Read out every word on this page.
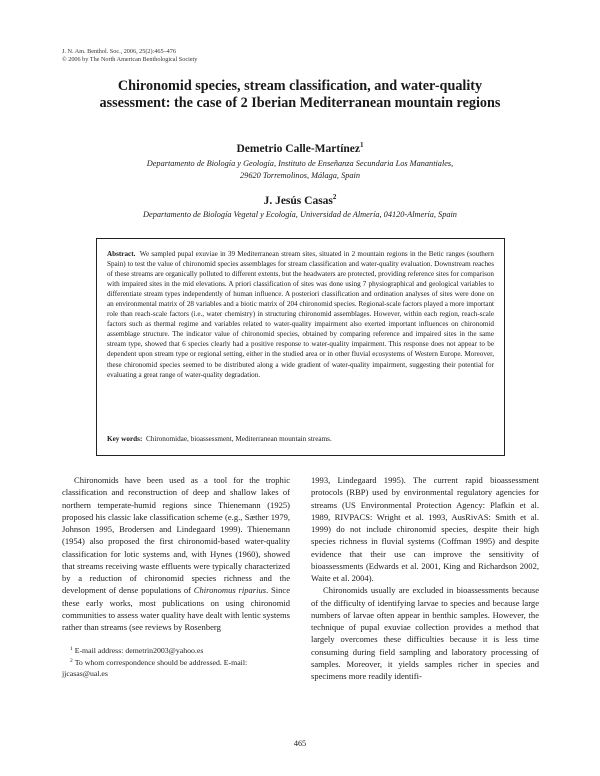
J. N. Am. Benthol. Soc., 2006, 25(2):465–476
© 2006 by The North American Benthological Society
Chironomid species, stream classification, and water-quality
assessment: the case of 2 Iberian Mediterranean mountain regions
Demetrio Calle-Martínez$^1$
Departamento de Biología y Geología, Instituto de Enseñanza Secundaria Los Manantiales,
29620 Torremolinos, Málaga, Spain
J. Jesús Casas$^2$
Departamento de Biología Vegetal y Ecología, Universidad de Almería, 04120-Almería, Spain
Abstract. We sampled pupal exuviae in 39 Mediterranean stream sites, situated in 2 mountain regions in the Betic ranges (southern Spain) to test the value of chironomid species assemblages for stream classification and water-quality evaluation. Downstream reaches of these streams are organically polluted to different extents, but the headwaters are protected, providing reference sites for comparison with impaired sites in the mid elevations. A priori classification of sites was done using 7 physiographical and geological variables to differentiate stream types independently of human influence. A posteriori classification and ordination analyses of sites were done on an environmental matrix of 28 variables and a biotic matrix of 204 chironomid species. Regional-scale factors played a more important role than reach-scale factors (i.e., water chemistry) in structuring chironomid assemblages. However, within each region, reach-scale factors such as thermal regime and variables related to water-quality impairment also exerted important influences on chironomid assemblage structure. The indicator value of chironomid species, obtained by comparing reference and impaired sites in the same stream type, showed that 6 species clearly had a positive response to water-quality impairment. This response does not appear to be dependent upon stream type or regional setting, either in the studied area or in other fluvial ecosystems of Western Europe. Moreover, these chironomid species seemed to be distributed along a wide gradient of water-quality impairment, suggesting their potential for evaluating a great range of water-quality degradation.
Key words: Chironomidae, bioassessment, Mediterranean mountain streams.

Chironomids have been used as a tool for the trophic classification and reconstruction of deep and shallow lakes of northern temperate-humid regions since Thienemann (1925) proposed his classic lake classification scheme (e.g., Sæther 1979, Johnson 1995, Brodersen and Lindegaard 1999). Thienemann (1954) also proposed the first chironomid-based water-quality classification for lotic systems and, with Hynes (1960), showed that streams receiving waste effluents were typically characterized by a reduction of chironomid species richness and the development of dense populations of Chironomus riparius. Since these early works, most publications on using chironomid communities to assess water quality have dealt with lentic systems rather than streams (see reviews by Rosenberg

1993, Lindegaard 1995). The current rapid bioassessment protocols (RBP) used by environmental regulatory agencies for streams (US Environmental Protection Agency: Plafkin et al. 1989, RIVPACS: Wright et al. 1993, AusRivAS: Smith et al. 1999) do not include chironomid species, despite their high species richness in fluvial systems (Coffman 1995) and despite evidence that their use can improve the sensitivity of bioassessments (Edwards et al. 2001, King and Richardson 2002, Waite et al. 2004).

Chironomids usually are excluded in bioassessments because of the difficulty of identifying larvae to species and because large numbers of larvae often appear in benthic samples. However, the technique of pupal exuviae collection provides a method that largely overcomes these difficulties because it is less time consuming during field sampling and laboratory processing of samples. Moreover, it yields samples richer in species and specimens more readily identifi-

$^1$ E-mail address: demetrin2003@yahoo.es

$^2$ To whom correspondence should be addressed. E-mail: jjcasas@ual.es

465
